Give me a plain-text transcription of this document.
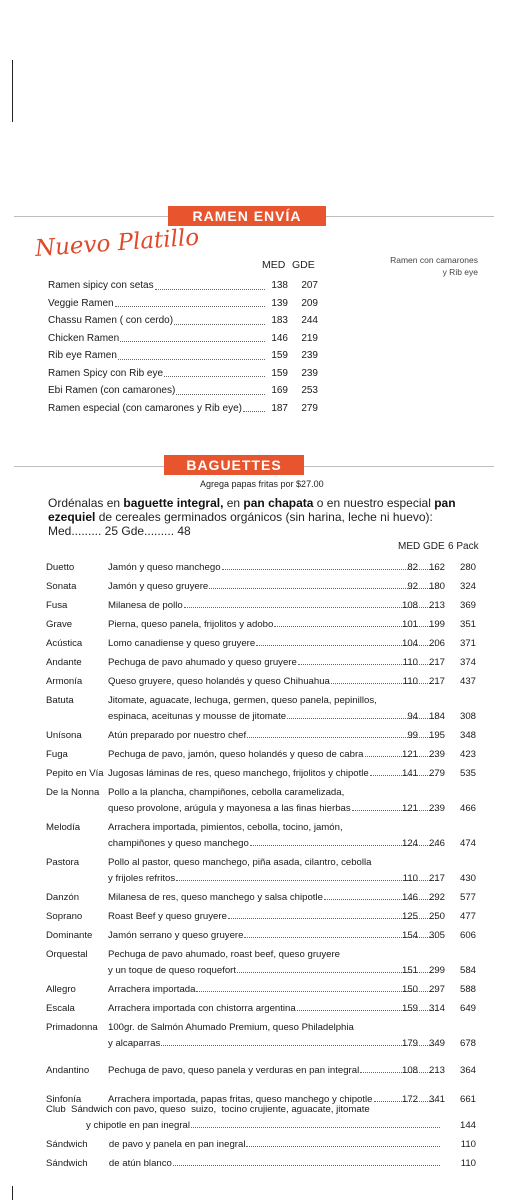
RAMEN ENVÍA
Nuevo Platillo
MED GDE	Ramen con camarones
y Rib eye
Ramen sipicy con setas	138	207
Veggie Ramen	139	209
Chassu Ramen ( con cerdo)	183	244
Chicken Ramen	146	219
Rib eye Ramen	159	239
Ramen Spicy con Rib eye	159	239
Ebi Ramen (con camarones)	169	253
Ramen especial (con camarones y Rib eye)	187	279
BAGUETTES
Agrega papas fritas por $27.00
Ordénalas en baguette integral, en pan chapata o en nuestro especial pan ezequiel de cereales germinados orgánicos (sin harina, leche ni huevo):
Med......... 25 Gde......... 48
MED GDE 6 Pack
Duetto	Jamón y queso manchego	82	162	280
Sonata	Jamón y queso gruyere	92	180	324
Fusa	Milanesa de pollo	108	213	369
Grave	Pierna, queso panela, frijolitos y adobo	101	199	351
Acústica	Lomo canadiense y queso gruyere	104	206	371
Andante	Pechuga de pavo ahumado y queso gruyere	110	217	374
Armonía	Queso gruyere, queso holandés y queso Chihuahua	110	217	437
Batuta	Jitomate, aguacate, lechuga, germen, queso panela, pepinillos,
espinaca, aceitunas y mousse de jitomate	94	184	308
Unísona	Atún preparado por nuestro chef	99	195	348
Fuga	Pechuga de pavo, jamón, queso holandés y queso de cabra	121	239	423
Pepito en Vía Jugosas láminas de res, queso manchego, frijolitos y chipotle	141	279	535
De la Nonna Pollo a la plancha, champiñones, cebolla caramelizada,
queso provolone, arúgula y mayonesa a las finas hierbas	121	239	466
Melodía	Arrachera importada, pimientos, cebolla, tocino, jamón,
champiñones y queso manchego	124	246	474
Pastora	Pollo al pastor, queso manchego, piña asada, cilantro, cebolla
y frijoles refritos	110	217	430
Danzón	Milanesa de res, queso manchego y salsa chipotle	146	292	577
Soprano	Roast Beef y queso gruyere	125	250	477
Dominante	Jamón serrano y queso gruyere	154	305	606
Orquestal	Pechuga de pavo ahumado, roast beef, queso gruyere
y un toque de queso roquefort	151	299	584
Allegro	Arrachera importada	150	297	588
Escala	Arrachera importada con chistorra argentina	159	314	649
Primadonna	100gr. de Salmón Ahumado Premium, queso Philadelphia
y alcaparras	179	349	678
Andantino	Pechuga de pavo, queso panela y verduras en pan integral	108	213	364
Sinfonía	Arrachera importada, papas fritas, queso manchego y chipotle	172	341	661
Club  Sándwich con pavo, queso  suizo,  tocino crujiente, aguacate, jitomate
y chipotle en pan inegral	144
Sándwich        de pavo y panela en pan inegral	110
Sándwich        de atún blanco	110
